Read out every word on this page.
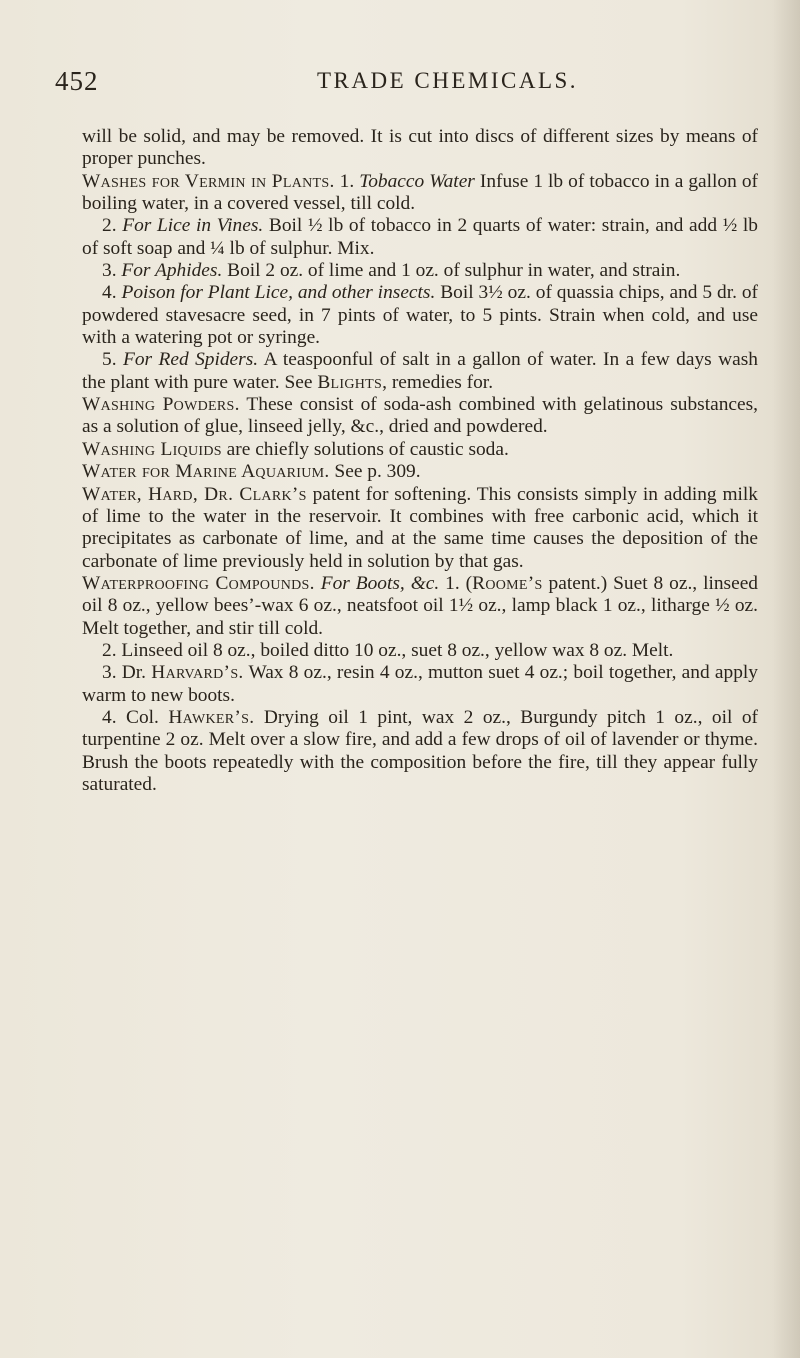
452	TRADE CHEMICALS.

will be solid, and may be removed. It is cut into discs of different sizes by means of proper punches.

Washes for Vermin in Plants. 1. Tobacco Water Infuse 1 lb of tobacco in a gallon of boiling water, in a covered vessel, till cold.

2. For Lice in Vines. Boil ½ lb of tobacco in 2 quarts of water: strain, and add ½ lb of soft soap and ¼ lb of sulphur. Mix.

3. For Aphides. Boil 2 oz. of lime and 1 oz. of sulphur in water, and strain.

4. Poison for Plant Lice, and other insects. Boil 3½ oz. of quassia chips, and 5 dr. of powdered stavesacre seed, in 7 pints of water, to 5 pints. Strain when cold, and use with a watering pot or syringe.

5. For Red Spiders. A teaspoonful of salt in a gallon of water. In a few days wash the plant with pure water. See Blights, remedies for.

Washing Powders. These consist of soda-ash combined with gelatinous substances, as a solution of glue, linseed jelly, &c., dried and powdered.

Washing Liquids are chiefly solutions of caustic soda.

Water for Marine Aquarium. See p. 309.

Water, Hard, Dr. Clark’s patent for softening. This consists simply in adding milk of lime to the water in the reservoir. It combines with free carbonic acid, which it precipitates as carbonate of lime, and at the same time causes the deposition of the carbonate of lime previously held in solution by that gas.

Waterproofing Compounds. For Boots, &c. 1. (Roome’s patent.) Suet 8 oz., linseed oil 8 oz., yellow bees’-wax 6 oz., neatsfoot oil 1½ oz., lamp black 1 oz., litharge ½ oz. Melt together, and stir till cold.

2. Linseed oil 8 oz., boiled ditto 10 oz., suet 8 oz., yellow wax 8 oz. Melt.

3. Dr. Harvard’s. Wax 8 oz., resin 4 oz., mutton suet 4 oz.; boil together, and apply warm to new boots.

4. Col. Hawker’s. Drying oil 1 pint, wax 2 oz., Burgundy pitch 1 oz., oil of turpentine 2 oz. Melt over a slow fire, and add a few drops of oil of lavender or thyme. Brush the boots repeatedly with the composition before the fire, till they appear fully saturated.
